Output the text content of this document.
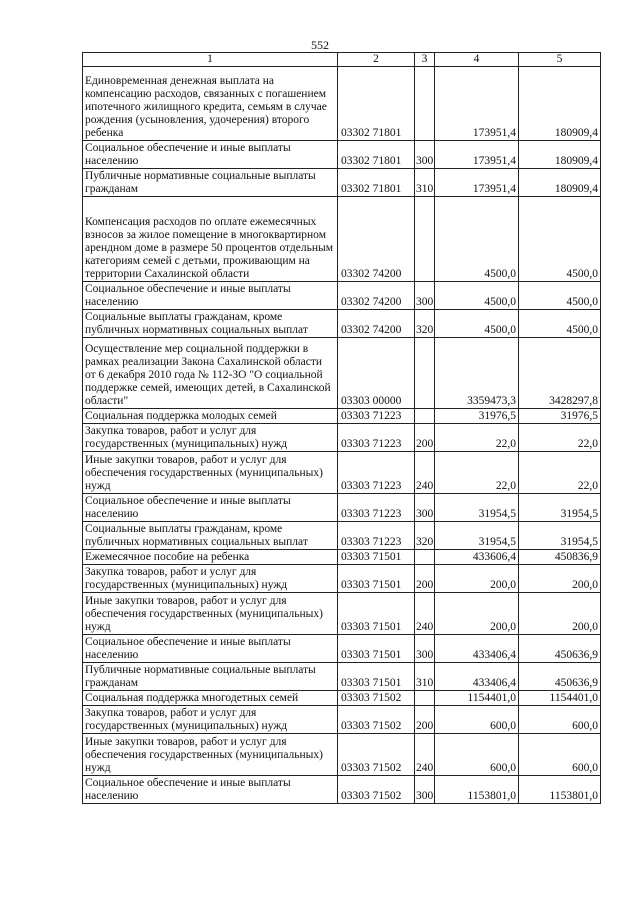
552
1	2	3	4	5
Единовременная денежная выплата на компенсацию расходов, связанных с погашением ипотечного жилищного кредита, семьям в случае рождения (усыновления, удочерения) второго ребенка	03302 71801		173951,4	180909,4
Социальное обеспечение и иные выплаты населению	03302 71801	300	173951,4	180909,4
Публичные нормативные социальные выплаты гражданам	03302 71801	310	173951,4	180909,4
Компенсация расходов по оплате ежемесячных взносов за жилое помещение в многоквартирном арендном доме в размере 50 процентов отдельным категориям семей с детьми, проживающим на территории Сахалинской области	03302 74200		4500,0	4500,0
Социальное обеспечение и иные выплаты населению	03302 74200	300	4500,0	4500,0
Социальные выплаты гражданам, кроме публичных нормативных социальных выплат	03302 74200	320	4500,0	4500,0
Осуществление мер социальной поддержки в рамках реализации Закона Сахалинской области от 6 декабря 2010 года № 112-ЗО "О социальной поддержке семей, имеющих детей, в Сахалинской области"	03303 00000		3359473,3	3428297,8
Социальная поддержка молодых семей	03303 71223		31976,5	31976,5
Закупка товаров, работ и услуг для государственных (муниципальных) нужд	03303 71223	200	22,0	22,0
Иные закупки товаров, работ и услуг для обеспечения государственных (муниципальных) нужд	03303 71223	240	22,0	22,0
Социальное обеспечение и иные выплаты населению	03303 71223	300	31954,5	31954,5
Социальные выплаты гражданам, кроме публичных нормативных социальных выплат	03303 71223	320	31954,5	31954,5
Ежемесячное пособие на ребенка	03303 71501		433606,4	450836,9
Закупка товаров, работ и услуг для государственных (муниципальных) нужд	03303 71501	200	200,0	200,0
Иные закупки товаров, работ и услуг для обеспечения государственных (муниципальных) нужд	03303 71501	240	200,0	200,0
Социальное обеспечение и иные выплаты населению	03303 71501	300	433406,4	450636,9
Публичные нормативные социальные выплаты гражданам	03303 71501	310	433406,4	450636,9
Социальная поддержка многодетных семей	03303 71502		1154401,0	1154401,0
Закупка товаров, работ и услуг для государственных (муниципальных) нужд	03303 71502	200	600,0	600,0
Иные закупки товаров, работ и услуг для обеспечения государственных (муниципальных) нужд	03303 71502	240	600,0	600,0
Социальное обеспечение и иные выплаты населению	03303 71502	300	1153801,0	1153801,0
